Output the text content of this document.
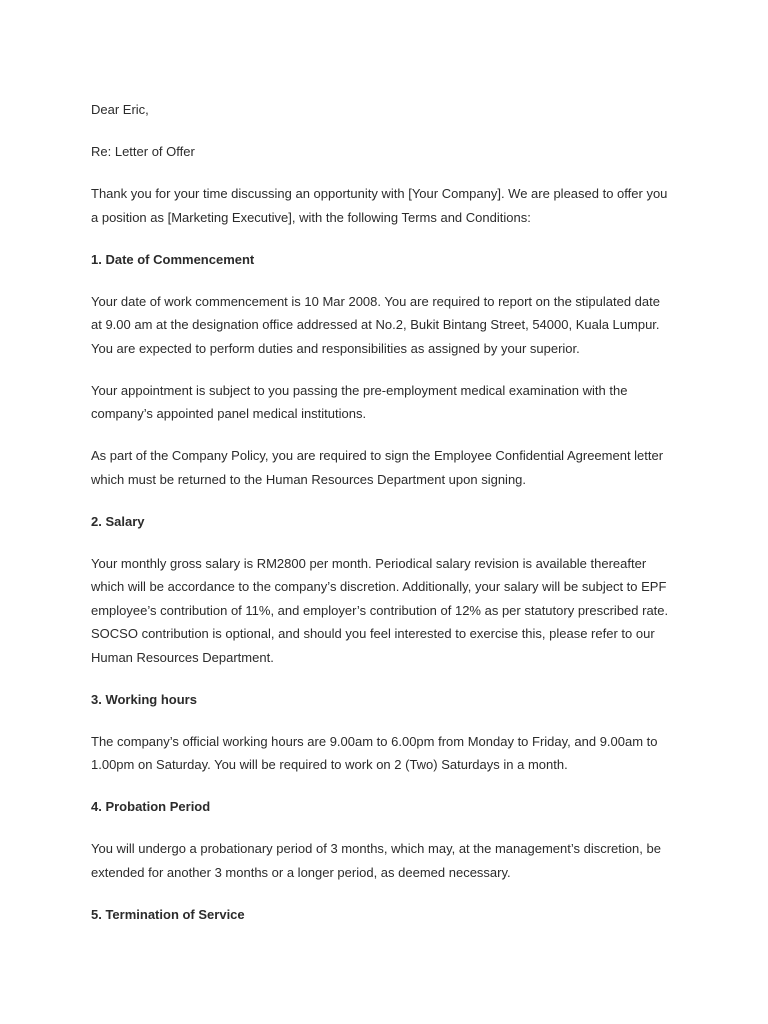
Dear Eric,
Re: Letter of Offer
Thank you for your time discussing an opportunity with [Your Company]. We are pleased to offer you
a position as [Marketing Executive], with the following Terms and Conditions:
1. Date of Commencement
Your date of work commencement is 10 Mar 2008. You are required to report on the stipulated date
at 9.00 am at the designation office addressed at No.2, Bukit Bintang Street, 54000, Kuala Lumpur.
You are expected to perform duties and responsibilities as assigned by your superior.
Your appointment is subject to you passing the pre-employment medical examination with the
company’s appointed panel medical institutions.
As part of the Company Policy, you are required to sign the Employee Confidential Agreement letter
which must be returned to the Human Resources Department upon signing.
2. Salary
Your monthly gross salary is RM2800 per month. Periodical salary revision is available thereafter
which will be accordance to the company’s discretion. Additionally, your salary will be subject to EPF
employee’s contribution of 11%, and employer’s contribution of 12% as per statutory prescribed rate.
SOCSO contribution is optional, and should you feel interested to exercise this, please refer to our
Human Resources Department.
3. Working hours
The company’s official working hours are 9.00am to 6.00pm from Monday to Friday, and 9.00am to
1.00pm on Saturday. You will be required to work on 2 (Two) Saturdays in a month.
4. Probation Period
You will undergo a probationary period of 3 months, which may, at the management’s discretion, be
extended for another 3 months or a longer period, as deemed necessary.
5. Termination of Service
